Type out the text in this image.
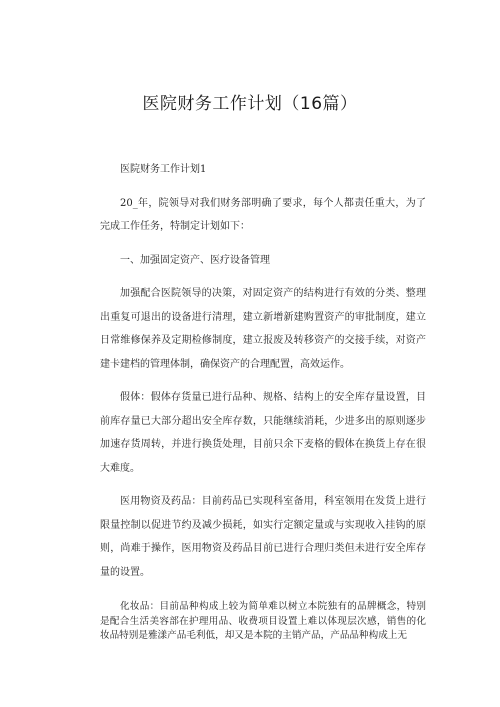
医院财务工作计划（16篇）

医院财务工作计划1

20_年，院领导对我们财务部明确了要求，每个人都责任重大，为了完成工作任务，特制定计划如下：

一、加强固定资产、医疗设备管理

加强配合医院领导的决策，对固定资产的结构进行有效的分类、整理出重复可退出的设备进行清理，建立新增新建购置资产的审批制度，建立日常维修保养及定期检修制度，建立报废及转移资产的交接手续，对资产建卡建档的管理体制，确保资产的合理配置，高效运作。

假体：假体存货量已进行品种、规格、结构上的安全库存量设置，目前库存量已大部分超出安全库存数，只能继续消耗，少进多出的原则逐步加速存货周转，并进行换货处理，目前只余下麦格的假体在换货上存在很大难度。

医用物资及药品：目前药品已实现科室备用，科室领用在发货上进行限量控制以促进节约及减少损耗，如实行定额定量或与实现收入挂钩的原则，尚难于操作，医用物资及药品目前已进行合理归类但未进行安全库存量的设置。

化妆品：目前品种构成上较为简单难以树立本院独有的品牌概念，特别是配合生活美容部在护理用品、收费项目设置上难以体现层次感，销售的化妆品特别是雅漾产品毛利低，却又是本院的主销产品，产品品种构成上无
